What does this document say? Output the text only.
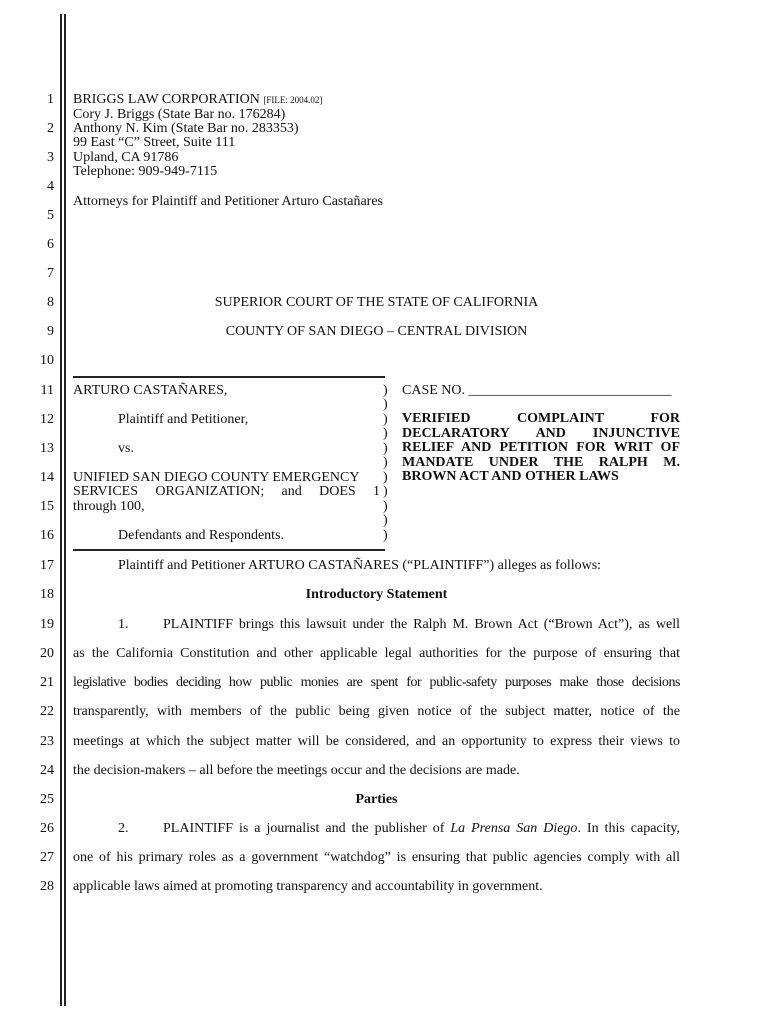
1
2
3
4
5
6
7
8
9
10
11
12
13
14
15
16
17
18
19
20
21
22
23
24
25
26
27
28
BRIGGS LAW CORPORATION [FILE: 2004.02]
Cory J. Briggs (State Bar no. 176284)
Anthony N. Kim (State Bar no. 283353)
99 East “C” Street, Suite 111
Upland, CA 91786
Telephone: 909-949-7115
Attorneys for Plaintiff and Petitioner Arturo Castañares
SUPERIOR COURT OF THE STATE OF CALIFORNIA
COUNTY OF SAN DIEGO – CENTRAL DIVISION
ARTURO CASTAÑARES,
Plaintiff and Petitioner,
vs.
UNIFIED SAN DIEGO COUNTY EMERGENCY
SERVICES ORGANIZATION; and DOES 1
through 100,
Defendants and Respondents.
)
)
)
)
)
)
)
)
)
)
)
CASE NO. _____________________________
VERIFIED COMPLAINT FOR
DECLARATORY AND INJUNCTIVE
RELIEF AND PETITION FOR WRIT OF
MANDATE UNDER THE RALPH M.
BROWN ACT AND OTHER LAWS
Plaintiff and Petitioner ARTURO CASTAÑARES (“PLAINTIFF”) alleges as follows:
Introductory Statement
1. PLAINTIFF brings this lawsuit under the Ralph M. Brown Act (“Brown Act”), as well
as the California Constitution and other applicable legal authorities for the purpose of ensuring that
legislative bodies deciding how public monies are spent for public-safety purposes make those decisions
transparently, with members of the public being given notice of the subject matter, notice of the
meetings at which the subject matter will be considered, and an opportunity to express their views to
the decision-makers – all before the meetings occur and the decisions are made.
Parties
2. PLAINTIFF is a journalist and the publisher of La Prensa San Diego. In this capacity,
one of his primary roles as a government “watchdog” is ensuring that public agencies comply with all
applicable laws aimed at promoting transparency and accountability in government.
